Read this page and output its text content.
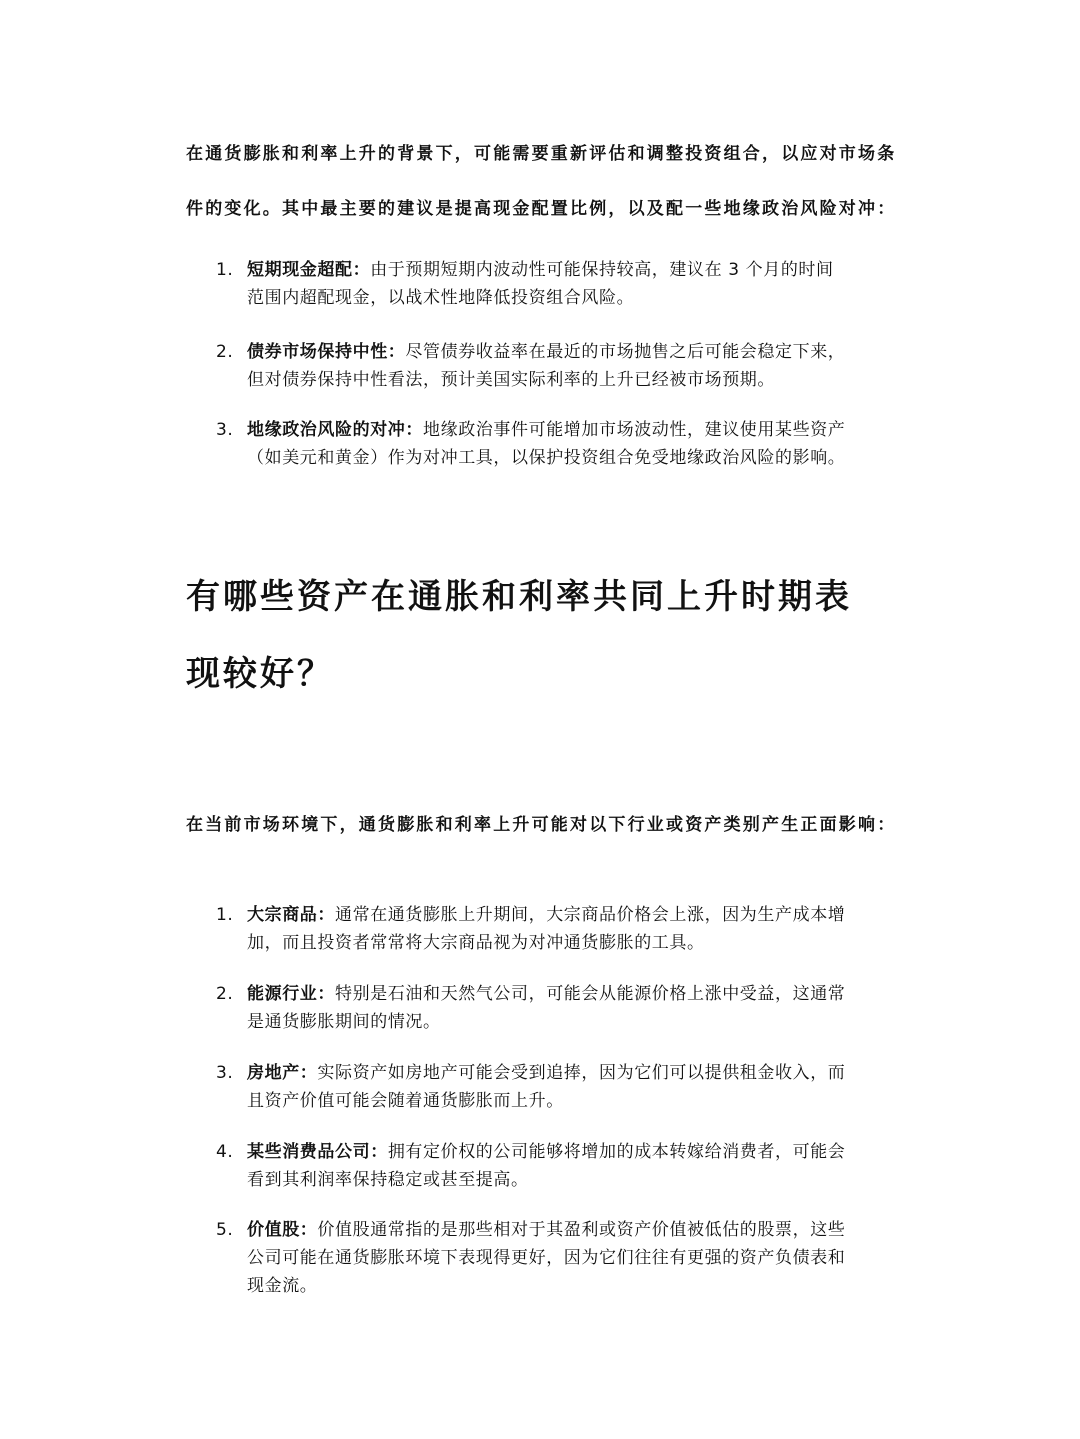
在通货膨胀和利率上升的背景下，可能需要重新评估和调整投资组合，以应对市场条

件的变化。其中最主要的建议是提高现金配置比例，以及配一些地缘政治风险对冲：

1. 短期现金超配：由于预期短期内波动性可能保持较高，建议在 3 个月的时间
范围内超配现金，以战术性地降低投资组合风险。
2. 债券市场保持中性：尽管债券收益率在最近的市场抛售之后可能会稳定下来，
但对债券保持中性看法，预计美国实际利率的上升已经被市场预期。
3. 地缘政治风险的对冲：地缘政治事件可能增加市场波动性，建议使用某些资产
（如美元和黄金）作为对冲工具，以保护投资组合免受地缘政治风险的影响。
有哪些资产在通胀和利率共同上升时期表
现较好？

在当前市场环境下，通货膨胀和利率上升可能对以下行业或资产类别产生正面影响：

1. 大宗商品：通常在通货膨胀上升期间，大宗商品价格会上涨，因为生产成本增
加，而且投资者常常将大宗商品视为对冲通货膨胀的工具。
2. 能源行业：特别是石油和天然气公司，可能会从能源价格上涨中受益，这通常
是通货膨胀期间的情况。
3. 房地产：实际资产如房地产可能会受到追捧，因为它们可以提供租金收入，而
且资产价值可能会随着通货膨胀而上升。
4. 某些消费品公司：拥有定价权的公司能够将增加的成本转嫁给消费者，可能会
看到其利润率保持稳定或甚至提高。
5. 价值股：价值股通常指的是那些相对于其盈利或资产价值被低估的股票，这些
公司可能在通货膨胀环境下表现得更好，因为它们往往有更强的资产负债表和
现金流。
